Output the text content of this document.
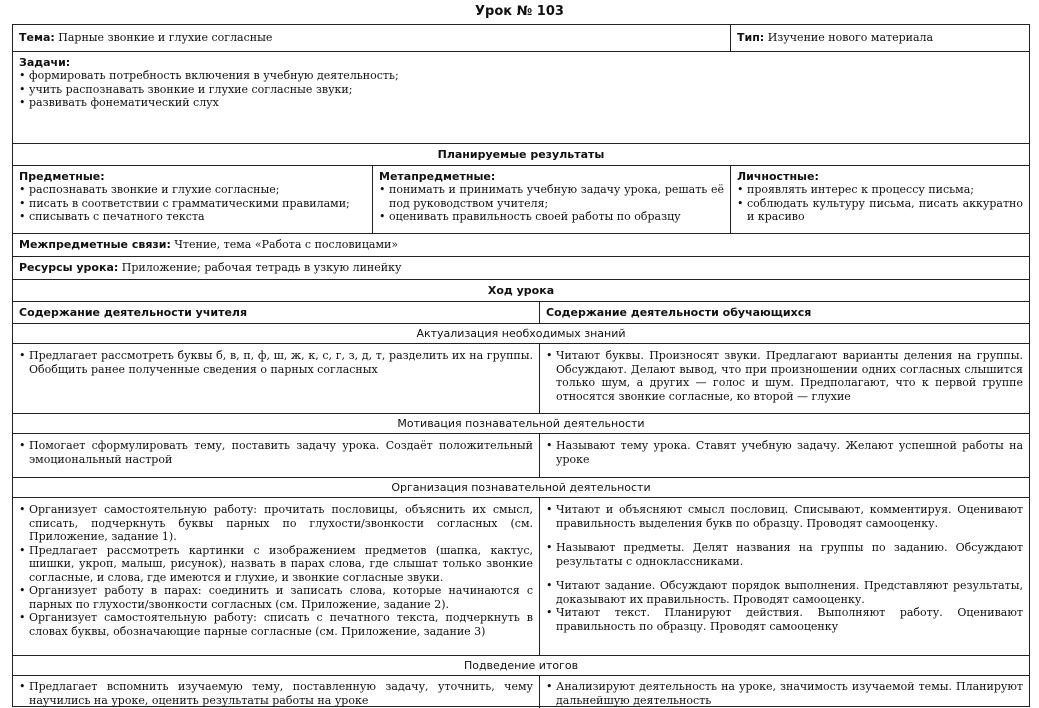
Урок № 103
Тема: Парные звонкие и глухие согласные	Тип: Изучение нового материала
Задачи:
• формировать потребность включения в учебную деятельность;
• учить распознавать звонкие и глухие согласные звуки;
• развивать фонематический слух
Планируемые результаты
Предметные:
• распознавать звонкие и глухие согласные;
• писать в соответствии с грамматическими правилами;
• списывать с печатного текста
Метапредметные:
• понимать и принимать учебную задачу урока, решать её под руководством учителя;
• оценивать правильность своей работы по образцу
Личностные:
• проявлять интерес к процессу письма;
• соблюдать культуру письма, писать аккуратно и красиво
Межпредметные связи: Чтение, тема «Работа с пословицами»
Ресурсы урока: Приложение; рабочая тетрадь в узкую линейку
Ход урока
Содержание деятельности учителя	Содержание деятельности обучающихся
Актуализация необходимых знаний
• Предлагает рассмотреть буквы б, в, п, ф, ш, ж, к, с, г, з, д, т, разделить их на группы. Обобщить ранее полученные сведения о парных согласных
• Читают буквы. Произносят звуки. Предлагают варианты деления на группы. Обсуждают. Делают вывод, что при произношении одних согласных слышится только шум, а других — голос и шум. Предполагают, что к первой группе относятся звонкие согласные, ко второй — глухие
Мотивация познавательной деятельности
• Помогает сформулировать тему, поставить задачу урока. Создаёт положительный эмоциональный настрой
• Называют тему урока. Ставят учебную задачу. Желают успешной работы на уроке
Организация познавательной деятельности
• Организует самостоятельную работу: прочитать пословицы, объяснить их смысл, списать, подчеркнуть буквы парных по глухости/звонкости согласных (см. Приложение, задание 1).
• Предлагает рассмотреть картинки с изображением предметов (шапка, кактус, шишки, укроп, малыш, рисунок), назвать в парах слова, где слышат только звонкие согласные, и слова, где имеются и глухие, и звонкие согласные звуки.
• Организует работу в парах: соединить и записать слова, которые начинаются с парных по глухости/звонкости согласных (см. Приложение, задание 2).
• Организует самостоятельную работу: списать с печатного текста, подчеркнуть в словах буквы, обозначающие парные согласные (см. Приложение, задание 3)
• Читают и объясняют смысл пословиц. Списывают, комментируя. Оценивают правильность выделения букв по образцу. Проводят самооценку.
• Называют предметы. Делят названия на группы по заданию. Обсуждают результаты с одноклассниками.
• Читают задание. Обсуждают порядок выполнения. Представляют результаты, доказывают их правильность. Проводят самооценку.
• Читают текст. Планируют действия. Выполняют работу. Оценивают правильность по образцу. Проводят самооценку
Подведение итогов
• Предлагает вспомнить изучаемую тему, поставленную задачу, уточнить, чему научились на уроке, оценить результаты работы на уроке
• Анализируют деятельность на уроке, значимость изучаемой темы. Планируют дальнейшую деятельность
